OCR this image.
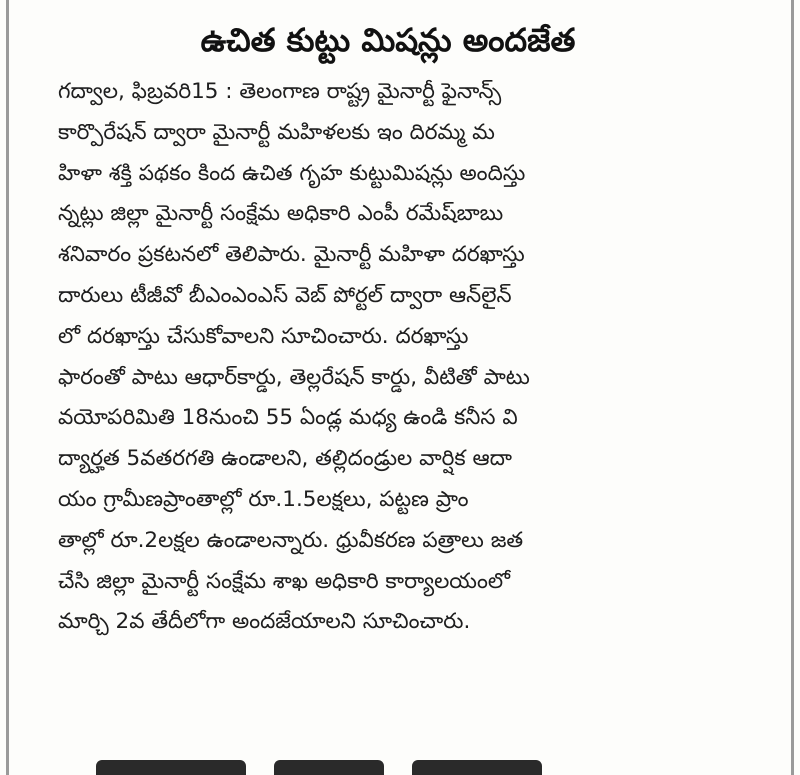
ఉచిత కుట్టు మిషన్లు అందజేత
గద్వాల, ఫిబ్రవరి15 : తెలంగాణ రాష్ట్ర మైనార్టీ ఫైనాన్స్
కార్పొరేషన్ ద్వారా మైనార్టీ మహిళలకు ఇం దిరమ్మ మ
హిళా శక్తి పథకం కింద ఉచిత గృహ కుట్టుమిషన్లు అందిస్తు
న్నట్లు జిల్లా మైనార్టీ సంక్షేమ అధికారి ఎంపీ రమేష్‌బాబు
శనివారం ప్రకటనలో తెలిపారు. మైనార్టీ మహిళా దరఖాస్తు
దారులు టీజీవో బీఎంఎంఎస్ వెబ్ పోర్టల్ ద్వారా ఆన్‌లైన్
లో దరఖాస్తు చేసుకోవాలని సూచించారు. దరఖాస్తు
ఫారంతో పాటు ఆధార్‌కార్డు, తెల్లరేషన్ కార్డు, వీటితో పాటు
వయోపరిమితి 18నుంచి 55 ఏండ్ల మధ్య ఉండి కనీస వి
ద్యార్హత 5వతరగతి ఉండాలని, తల్లిదండ్రుల వార్షిక ఆదా
యం గ్రామీణప్రాంతాల్లో రూ.1.5లక్షలు, పట్టణ ప్రాం
తాల్లో రూ.2లక్షల ఉండాలన్నారు. ధ్రువీకరణ పత్రాలు జత
చేసి జిల్లా మైనార్టీ సంక్షేమ శాఖ అధికారి కార్యాలయంలో
మార్చి 2వ తేదీలోగా అందజేయాలని సూచించారు.
